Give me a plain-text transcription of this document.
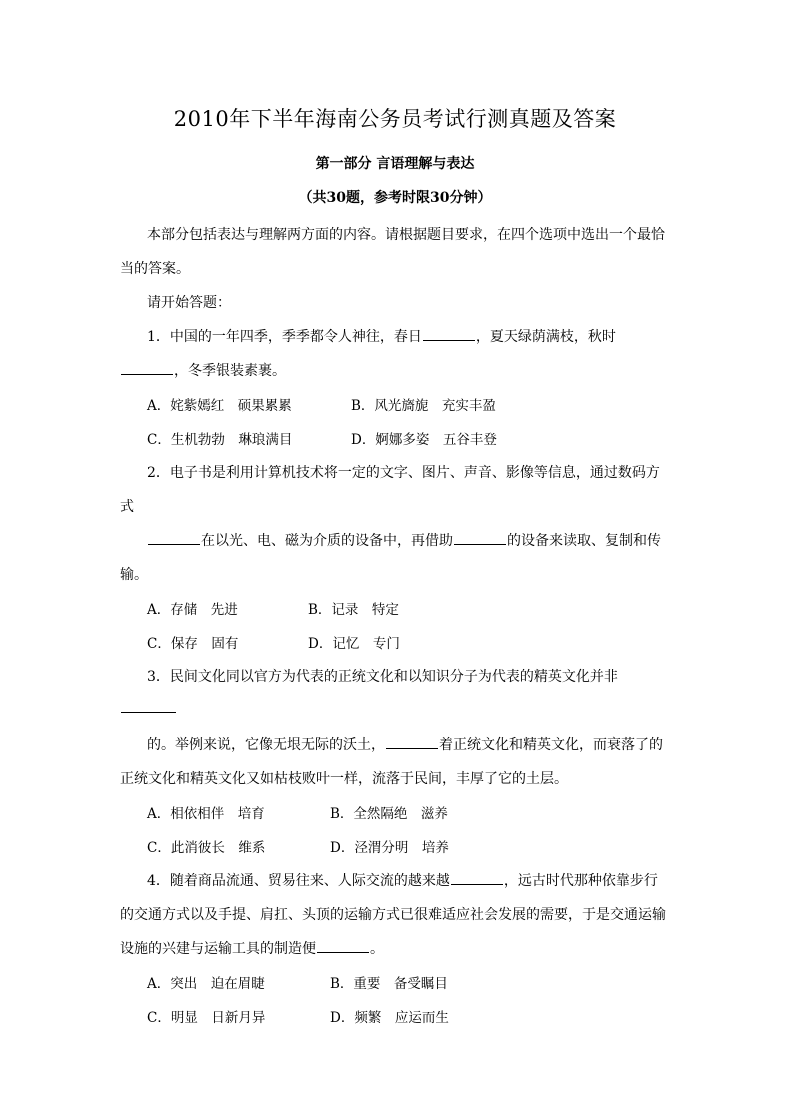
2010年下半年海南公务员考试行测真题及答案
第一部分 言语理解与表达
（共30题，参考时限30分钟）
本部分包括表达与理解两方面的内容。请根据题目要求，在四个选项中选出一个最恰
当的答案。
请开始答题：
1．中国的一年四季，季季都令人神往，春日	，夏天绿荫满枝，秋时
，冬季银装素裹。
A．姹紫嫣红　硕果累累	B．风光旖旎　充实丰盈
C．生机勃勃　琳琅满目	D．婀娜多姿　五谷丰登
2．电子书是利用计算机技术将一定的文字、图片、声音、影像等信息，通过数码方
式
在以光、电、磁为介质的设备中，再借助	的设备来读取、复制和传
输。
A．存储　先进	B．记录　特定
C．保存　固有	D．记忆　专门
3．民间文化同以官方为代表的正统文化和以知识分子为代表的精英文化并非
的。举例来说，它像无垠无际的沃土，	着正统文化和精英文化，而衰落了的
正统文化和精英文化又如枯枝败叶一样，流落于民间，丰厚了它的土层。
A．相依相伴　培育	B．全然隔绝　滋养
C．此消彼长　维系	D．泾渭分明　培养
4．随着商品流通、贸易往来、人际交流的越来越	，远古时代那种依靠步行
的交通方式以及手提、肩扛、头顶的运输方式已很难适应社会发展的需要，于是交通运输
设施的兴建与运输工具的制造便	。
A．突出　迫在眉睫	B．重要　备受瞩目
C．明显　日新月异	D．频繁　应运而生
